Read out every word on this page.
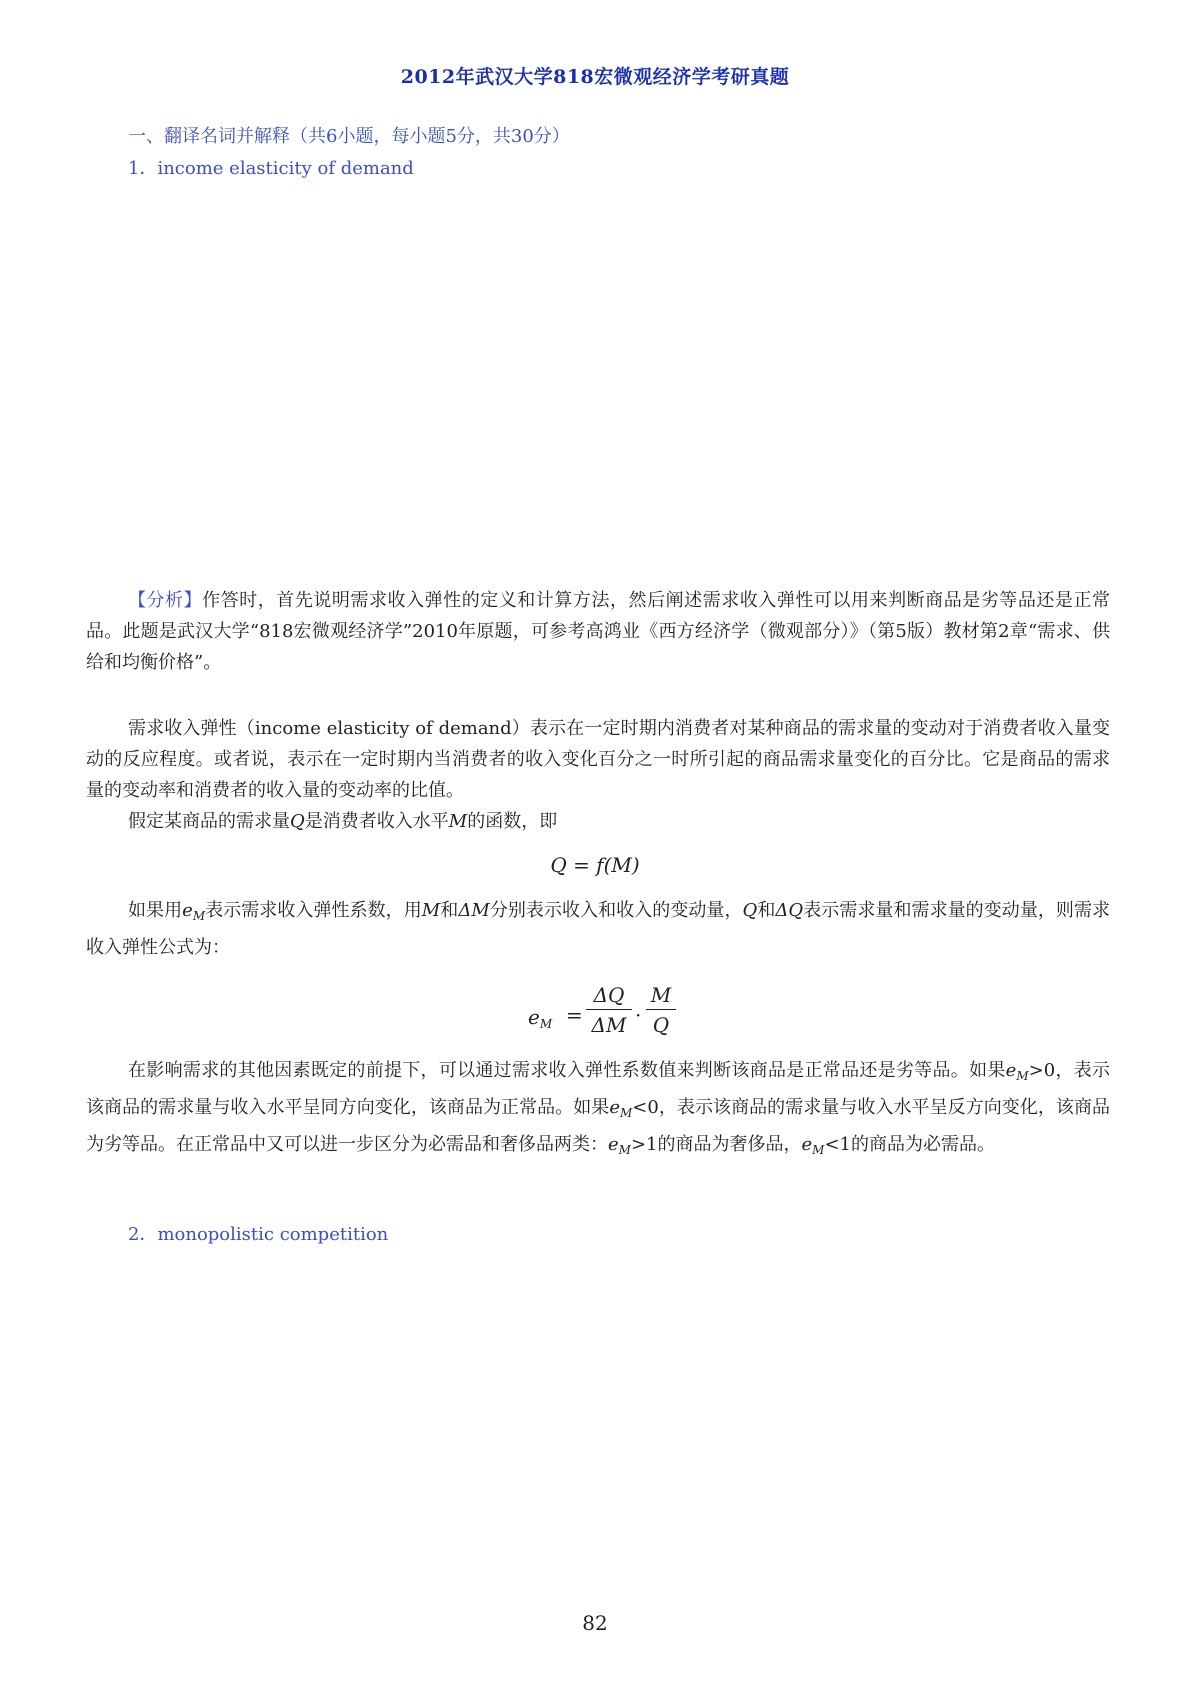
2012年武汉大学818宏微观经济学考研真题
一、翻译名词并解释（共6小题，每小题5分，共30分）
1．income elasticity of demand
【分析】作答时，首先说明需求收入弹性的定义和计算方法，然后阐述需求收入弹性可以用来判断商品是劣等品还是正常品。此题是武汉大学“818宏微观经济学”2010年原题，可参考高鸿业《西方经济学（微观部分）》（第5版）教材第2章“需求、供给和均衡价格”。
需求收入弹性（income elasticity of demand）表示在一定时期内消费者对某种商品的需求量的变动对于消费者收入量变动的反应程度。或者说，表示在一定时期内当消费者的收入变化百分之一时所引起的商品需求量变化的百分比。它是商品的需求量的变动率和消费者的收入量的变动率的比值。
假定某商品的需求量Q是消费者收入水平M的函数，即
Q = f(M)
如果用$e_M$表示需求收入弹性系数，用M和ΔM分别表示收入和收入的变动量，Q和ΔQ表示需求量和需求量的变动量，则需求收入弹性公式为：
$e_M = \frac{\Delta Q}{\Delta M} \cdot \frac{M}{Q}$
在影响需求的其他因素既定的前提下，可以通过需求收入弹性系数值来判断该商品是正常品还是劣等品。如果$e_M>0$，表示该商品的需求量与收入水平呈同方向变化，该商品为正常品。如果$e_M<0$，表示该商品的需求量与收入水平呈反方向变化，该商品为劣等品。在正常品中又可以进一步区分为必需品和奢侈品两类：$e_M>1$的商品为奢侈品，$e_M<1$的商品为必需品。
2．monopolistic competition
82
